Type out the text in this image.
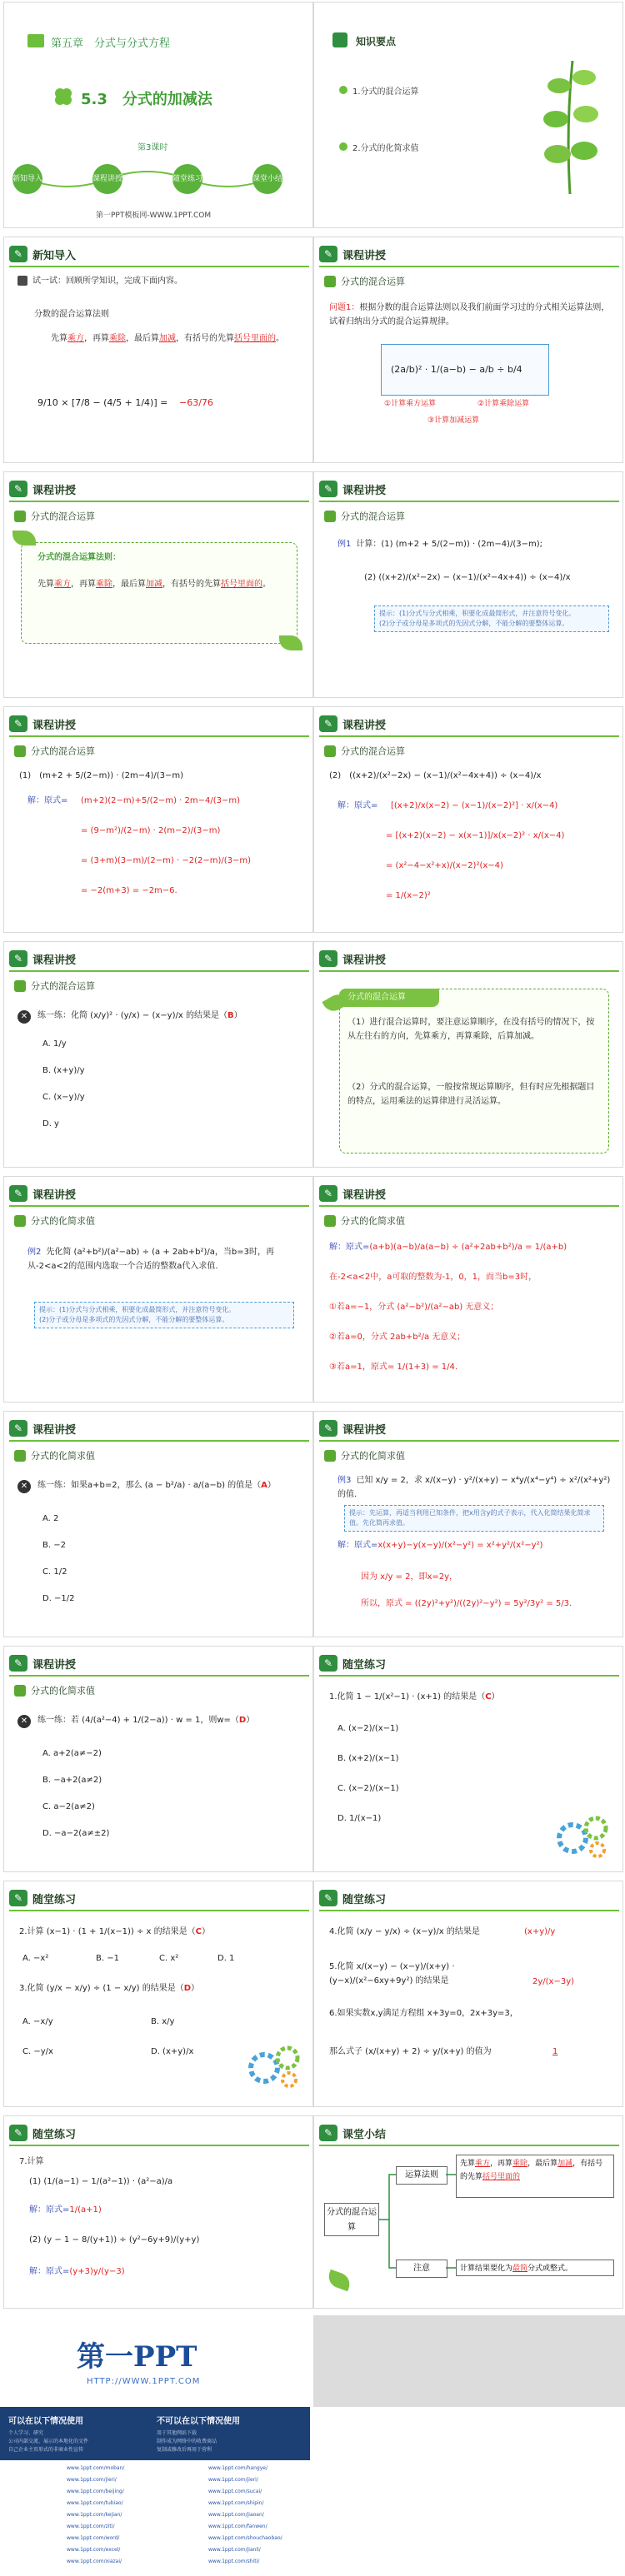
第五章　分式与分式方程
5.3　分式的加减法
第3课时
新知导入	课程讲授	随堂练习	课堂小结
第一PPT模板网-WWW.1PPT.COM
知识要点
1.分式的混合运算
2.分式的化简求值
✎ 新知导入
试一试：回顾所学知识，完成下面内容。
分数的混合运算法则
先算乘方，再算乘除，最后算加减，有括号的先算括号里面的。
9/10 × [7/8 − (4/5 + 1/4)] = −63/76
✎ 课程讲授
分式的混合运算
问题1：根据分数的混合运算法则以及我们前面学习过的分式相关运算法则，试着归纳出分式的混合运算规律。
(2a/b)² · 1/(a−b) − a/b ÷ b/4
①计算乘方运算	②计算乘除运算
③计算加减运算
✎ 课程讲授
分式的混合运算
分式的混合运算法则：
先算乘方，再算乘除，最后算加减，有括号的先算括号里面的。
✎ 课程讲授
分式的混合运算
例1 计算：(1) (m+2 + 5/(2−m)) · (2m−4)/(3−m);
(2) ((x+2)/(x²−2x) − (x−1)/(x²−4x+4)) ÷ (x−4)/x
提示：(1)分式与分式相乘，积要化成最简形式，并注意符号变化。
(2)分子或分母是多项式的先因式分解，不能分解的要整体运算。
✎ 课程讲授
分式的混合运算
(1)　(m+2 + 5/(2−m)) · (2m−4)/(3−m)
解：原式= (m+2)(2−m)+5/(2−m) · 2m−4/(3−m)
= (9−m²)/(2−m) · 2(m−2)/(3−m)
= (3+m)(3−m)/(2−m) · −2(2−m)/(3−m)
= −2(m+3) = −2m−6.
✎ 课程讲授
分式的混合运算
(2)　((x+2)/(x²−2x) − (x−1)/(x²−4x+4)) ÷ (x−4)/x
解：原式= [(x+2)/x(x−2) − (x−1)/(x−2)²] · x/(x−4)
= [(x+2)(x−2) − x(x−1)]/x(x−2)² · x/(x−4)
= (x²−4−x²+x)/(x−2)²(x−4)
= 1/(x−2)²
✎ 课程讲授
分式的混合运算
✕	练一练：化简 (x/y)² · (y/x) − (x−y)/x 的结果是（B）
A. 1/y
B. (x+y)/y
C. (x−y)/y
D. y
✎ 课程讲授
分式的混合运算
（1）进行混合运算时，要注意运算顺序，在没有括号的情况下，按从左往右的方向，先算乘方，再算乘除，后算加减。
（2）分式的混合运算，一般按常规运算顺序，但有时应先根据题目的特点，运用乘法的运算律进行灵活运算。
✎ 课程讲授
分式的化简求值
例2 先化简 (a²+b²)/(a²−ab) ÷ (a + 2ab+b²)/a，当b=3时，再从-2<a<2的范围内选取一个合适的整数a代入求值.
提示：(1)分式与分式相乘，积要化成最简形式，并注意符号变化。
(2)分子或分母是多项式的先因式分解，不能分解的要整体运算。
✎ 课程讲授
分式的化简求值
解：原式=(a+b)(a−b)/a(a−b) ÷ (a²+2ab+b²)/a = 1/(a+b)
在-2<a<2中，a可取的整数为-1，0，1，而当b=3时，
①若a=−1，分式 (a²−b²)/(a²−ab) 无意义；
②若a=0，分式 2ab+b²/a 无意义；
③若a=1，原式= 1/(1+3) = 1/4.
✎ 课程讲授
分式的化简求值
✕	练一练：如果a+b=2，那么 (a − b²/a) · a/(a−b) 的值是（A）
A. 2
B. −2
C. 1/2
D. −1/2
✎ 课程讲授
分式的化简求值
例3 已知 x/y = 2，求 x/(x−y) · y²/(x+y) − x⁴y/(x⁴−y⁴) ÷ x²/(x²+y²) 的值.
提示：先运算，再适当利用已知条件，把x用含y的式子表示，代入化简结果化简求值。先化简再求值。
解：原式=x(x+y)−y(x−y)/(x²−y²) = x²+y²/(x²−y²)
因为 x/y = 2，即x=2y，
所以，原式 = ((2y)²+y²)/((2y)²−y²) = 5y²/3y² = 5/3.
✎ 课程讲授
分式的化简求值
✕	练一练：若 (4/(a²−4) + 1/(2−a)) · w = 1，则w=（D）
A. a+2(a≠−2)
B. −a+2(a≠2)
C. a−2(a≠2)
D. −a−2(a≠±2)
✎ 随堂练习
1.化简 1 − 1/(x²−1) · (x+1) 的结果是（C）
A. (x−2)/(x−1)
B. (x+2)/(x−1)
C. (x−2)/(x−1)
D. 1/(x−1)
✎ 随堂练习
2.计算 (x−1) · (1 + 1/(x−1)) ÷ x 的结果是（C）
A. −x²	B. −1	C. x²	D. 1
3.化简 (y/x − x/y) ÷ (1 − x/y) 的结果是（D）
A. −x/y	B. x/y
C. −y/x	D. (x+y)/x
✎ 随堂练习
4.化简 (x/y − y/x) ÷ (x−y)/x 的结果是	(x+y)/y
5.化简 x/(x−y) − (x−y)/(x+y) · (y−x)/(x²−6xy+9y²) 的结果是	2y/(x−3y)
6.如果实数x,y满足方程组 x+3y=0，2x+3y=3，
那么式子 (x/(x+y) + 2) ÷ y/(x+y) 的值为	1
✎ 随堂练习
7.计算
(1) (1/(a−1) − 1/(a²−1)) · (a²−a)/a
解：原式=1/(a+1)
(2) (y − 1 − 8/(y+1)) ÷ (y²−6y+9)/(y+y)
解：原式=(y+3)y/(y−3)
✎ 课堂小结
分式的混合运算
运算法则
先算乘方，再算乘除，最后算加减，有括号的先算括号里面的
注意	计算结果要化为最简分式或整式。
第一PPT
HTTP://WWW.1PPT.COM
可以在以下情况使用	不可以在以下情况使用
个人学习、研究
公司内部交流、展示的本地化的文件
自己企业主页形式的非商业性宣传
用于其他网站下载
制作成为网络中的收费商品
复制或修改后再用于营利
www.1ppt.com/moban/
www.1ppt.com/jieri/
www.1ppt.com/beijing/
www.1ppt.com/tubiao/
www.1ppt.com/kejian/
www.1ppt.com/ziti/
www.1ppt.com/word/
www.1ppt.com/excel/
www.1ppt.com/xiazai/
www.1ppt.com/hangye/
www.1ppt.com/jieri/
www.1ppt.com/sucai/
www.1ppt.com/shipin/
www.1ppt.com/jiaoan/
www.1ppt.com/fanwen/
www.1ppt.com/shouchaobao/
www.1ppt.com/jianli/
www.1ppt.com/shiti/
